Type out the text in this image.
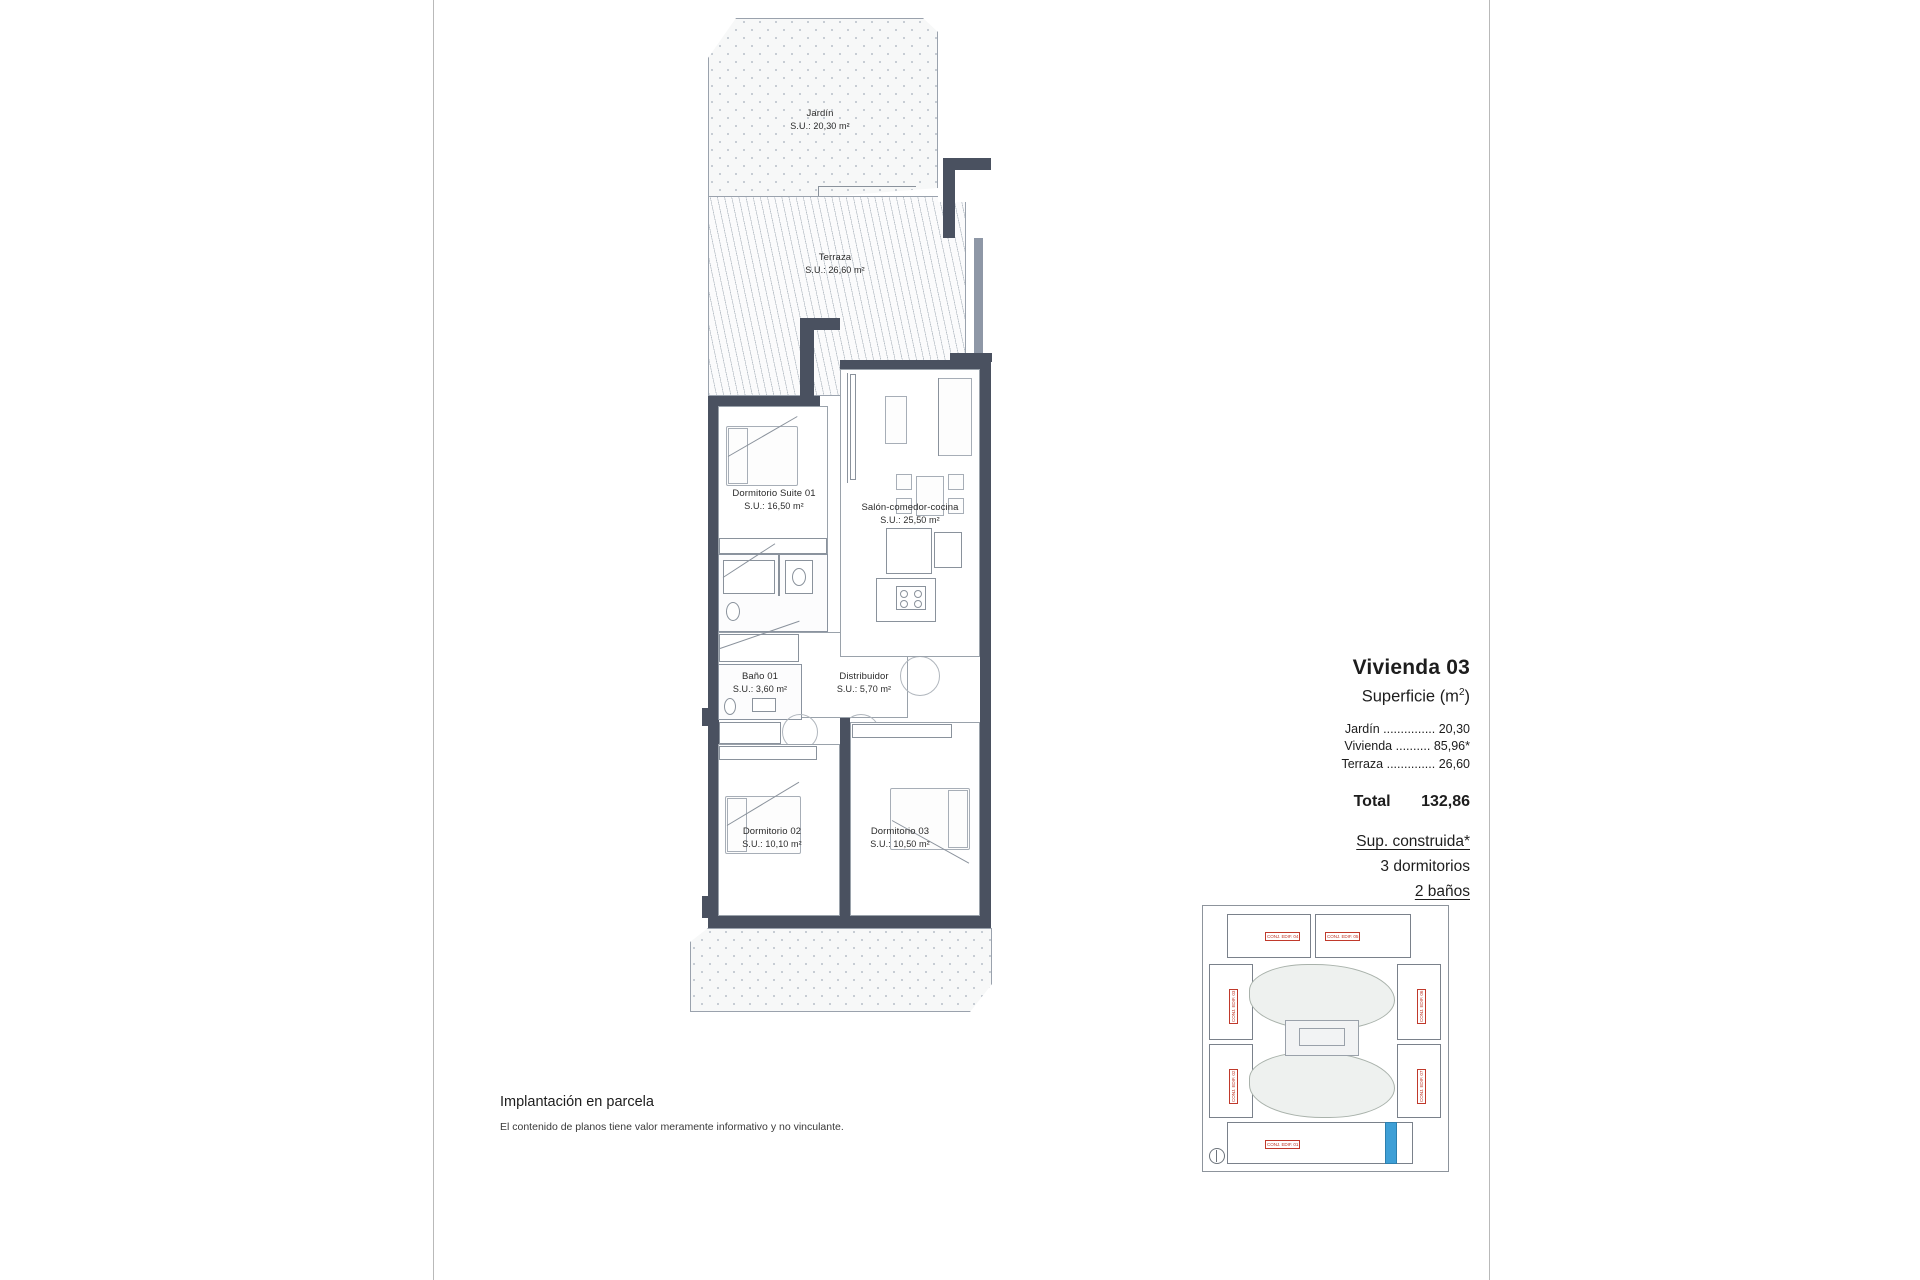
Jardín
S.U.: 20,30 m²
Terraza
S.U.: 26,60 m²
Dormitorio Suite 01
S.U.: 16,50 m²
Distribuidor
S.U.: 5,70 m²
Baño 01
S.U.: 3,60 m²
Dormitorio 02
S.U.: 10,10 m²
Dormitorio 03
S.U.: 10,50 m²
Salón-comedor-cocina
S.U.: 25,50 m²
Vivienda 03
Superficie $(m^2)$
Jardín ............... 20,30
Vivienda .......... 85,96*
Terraza .............. 26,60
Total 132,86
Sup. construida*
3 dormitorios
2 baños
CONJ. EDIF. 04	CONJ. EDIF. 05
CONJ. EDIF. 03
CONJ. EDIF. 02
CONJ. EDIF. 06
CONJ. EDIF. 07
CONJ. EDIF. 01
Implantación en parcela
El contenido de planos tiene valor meramente informativo y no vinculante.
